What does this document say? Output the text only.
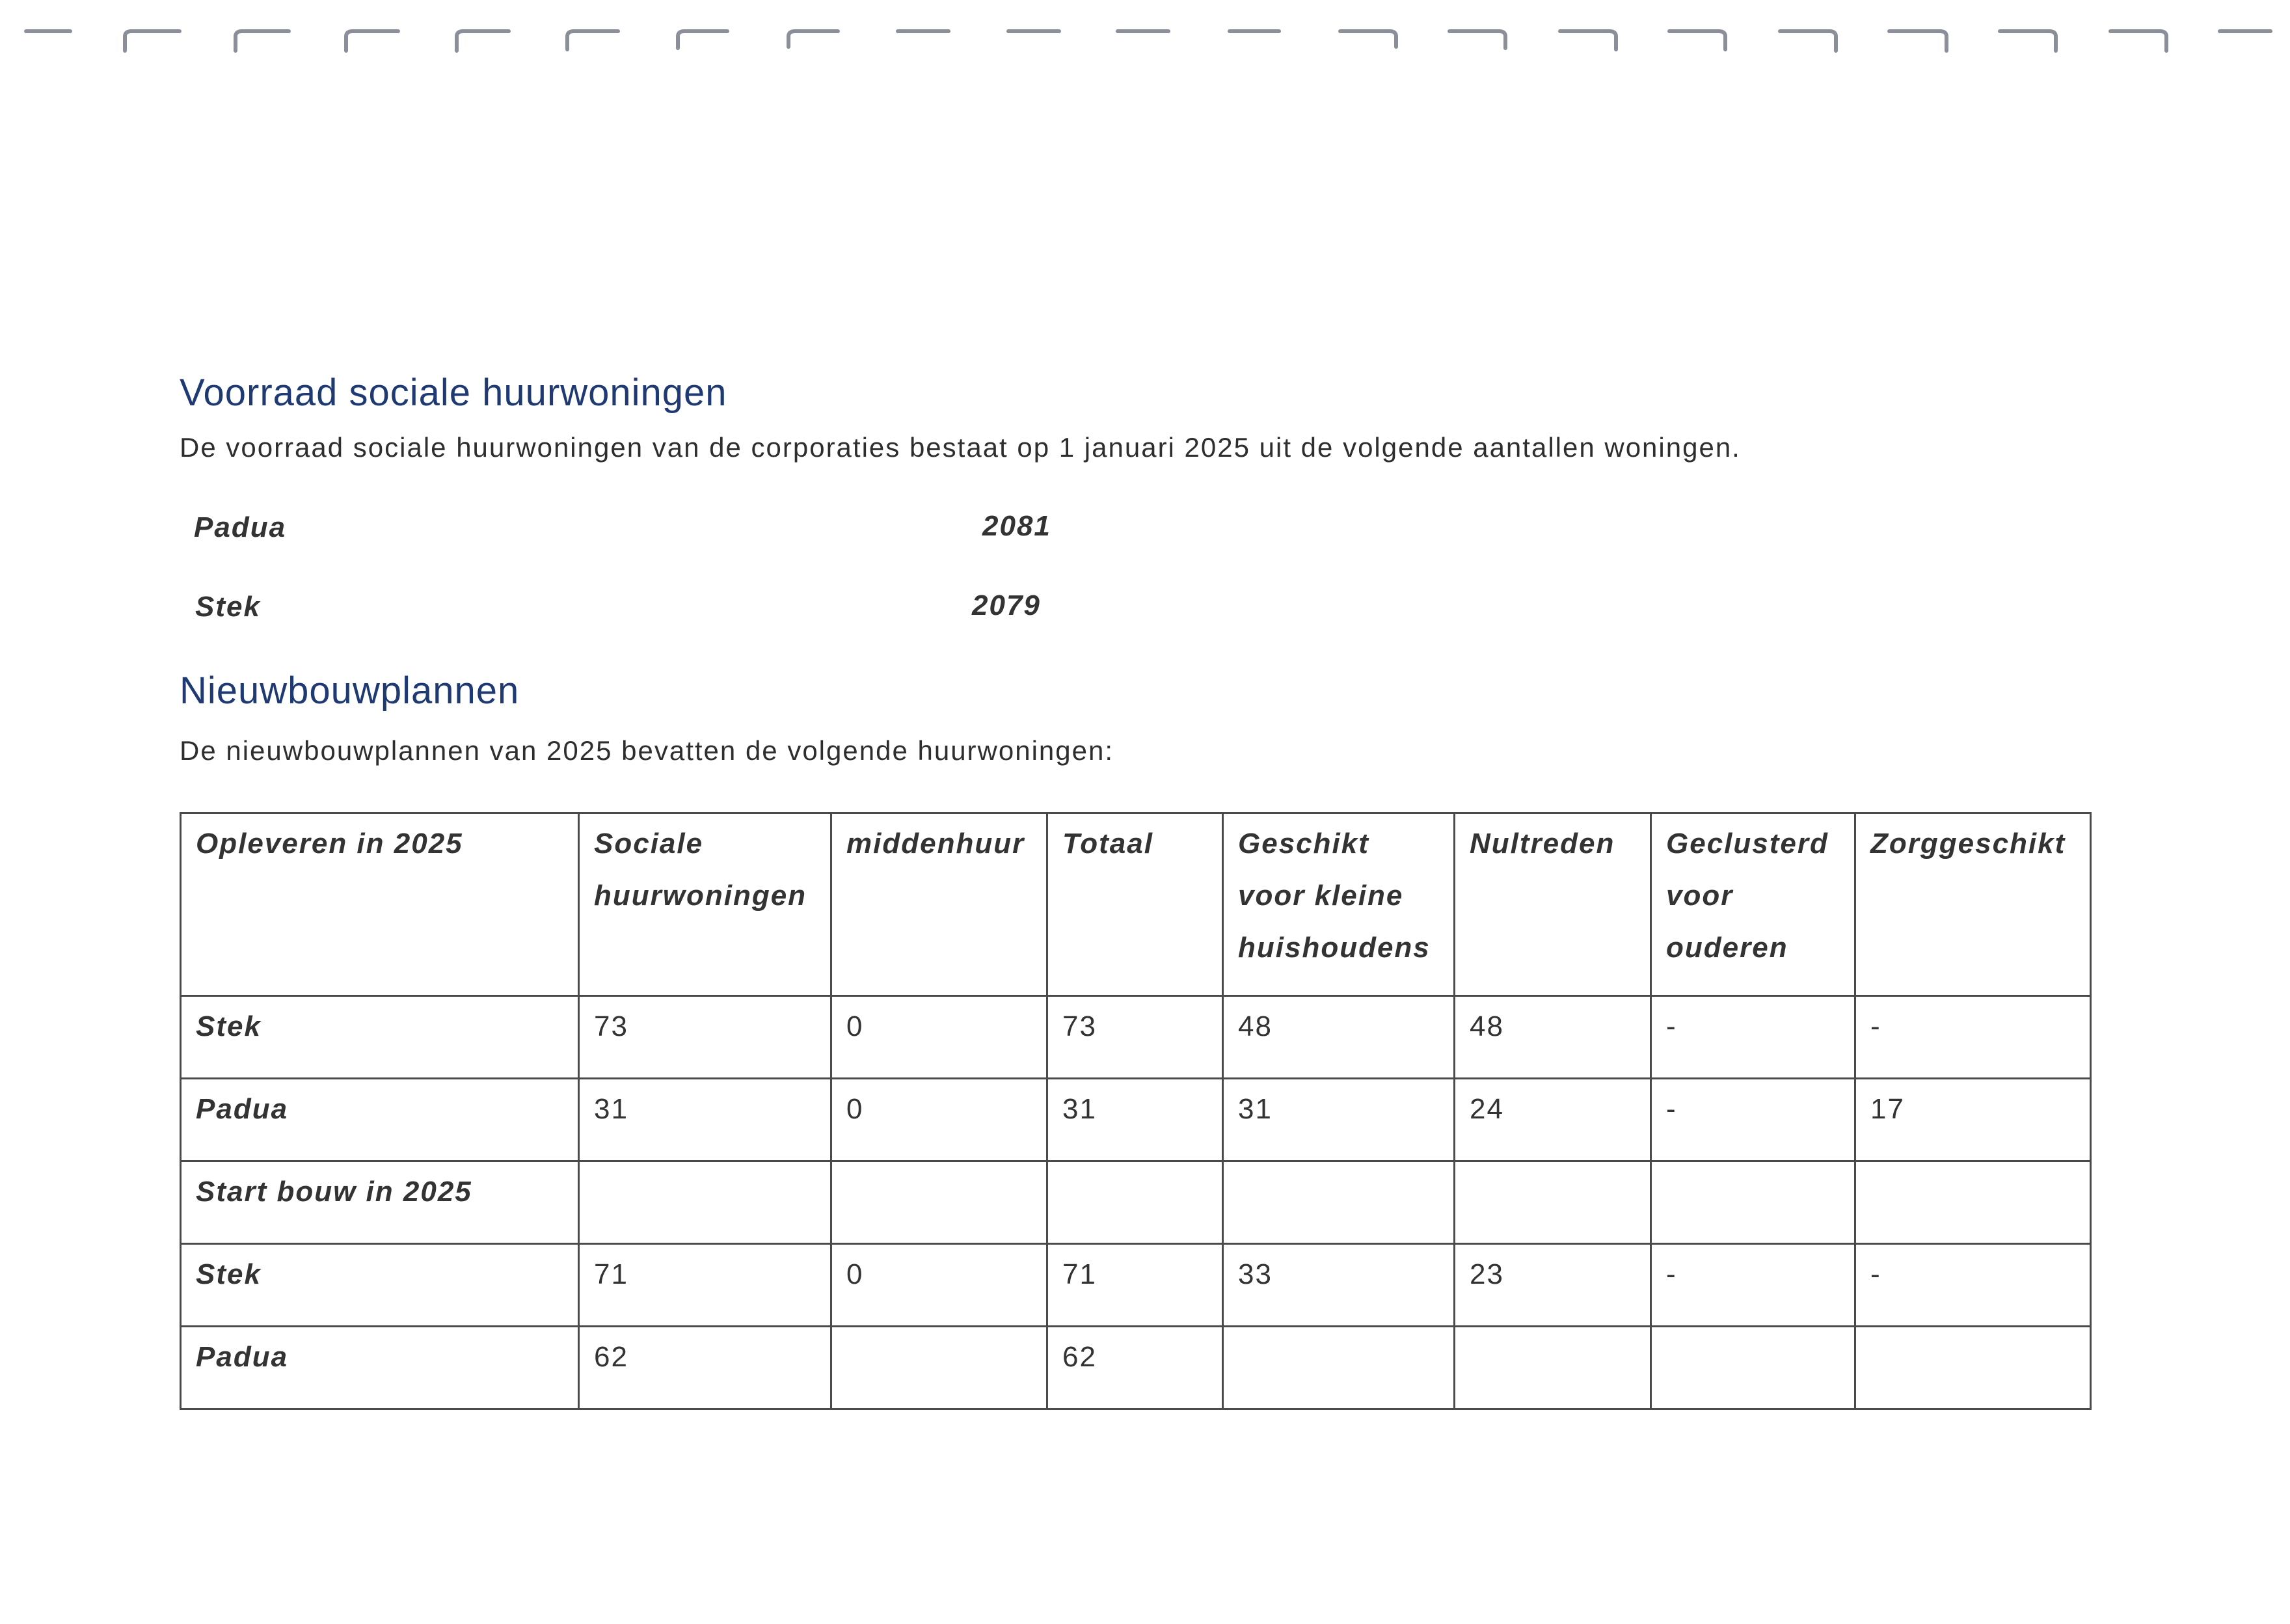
Voorraad sociale huurwoningen

De voorraad sociale huurwoningen van de corporaties bestaat op 1 januari 2025 uit de volgende aantallen woningen.

Padua	2081
Stek	2079
Nieuwbouwplannen

De nieuwbouwplannen van 2025 bevatten de volgende huurwoningen:

Opleveren in 2025	Sociale huurwoningen	middenhuur	Totaal	Geschikt voor kleine huishoudens	Nultreden	Geclusterd voor ouderen	Zorggeschikt
Stek	73	0	73	48	48	-	-
Padua	31	0	31	31	24	-	17
Start bouw in 2025							
Stek	71	0	71	33	23	-	-
Padua	62		62				
